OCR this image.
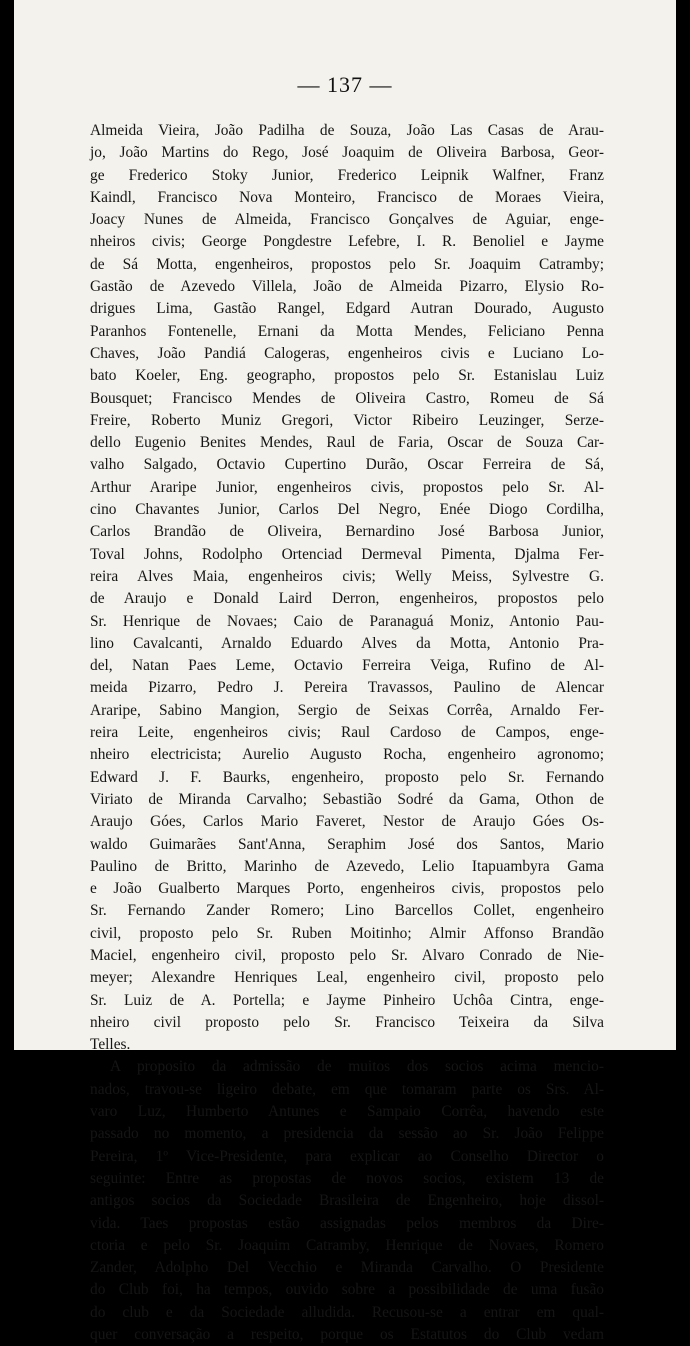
— 137 —

Almeida Vieira, João Padilha de Souza, João Las Casas de Arau-
jo, João Martins do Rego, José Joaquim de Oliveira Barbosa, Geor-
ge Frederico Stoky Junior, Frederico Leipnik Walfner, Franz
Kaindl, Francisco Nova Monteiro, Francisco de Moraes Vieira,
Joacy Nunes de Almeida, Francisco Gonçalves de Aguiar, enge-
nheiros civis; George Pongdestre Lefebre, I. R. Benoliel e Jayme
de Sá Motta, engenheiros, propostos pelo Sr. Joaquim Catramby;
Gastão de Azevedo Villela, João de Almeida Pizarro, Elysio Ro-
drigues Lima, Gastão Rangel, Edgard Autran Dourado, Augusto
Paranhos Fontenelle, Ernani da Motta Mendes, Feliciano Penna
Chaves, João Pandiá Calogeras, engenheiros civis e Luciano Lo-
bato Koeler, Eng. geographo, propostos pelo Sr. Estanislau Luiz
Bousquet; Francisco Mendes de Oliveira Castro, Romeu de Sá
Freire, Roberto Muniz Gregori, Victor Ribeiro Leuzinger, Serze-
dello Eugenio Benites Mendes, Raul de Faria, Oscar de Souza Car-
valho Salgado, Octavio Cupertino Durão, Oscar Ferreira de Sá,
Arthur Araripe Junior, engenheiros civis, propostos pelo Sr. Al-
cino Chavantes Junior, Carlos Del Negro, Enée Diogo Cordilha,
Carlos Brandão de Oliveira, Bernardino José Barbosa Junior,
Toval Johns, Rodolpho Ortenciad Dermeval Pimenta, Djalma Fer-
reira Alves Maia, engenheiros civis; Welly Meiss, Sylvestre G.
de Araujo e Donald Laird Derron, engenheiros, propostos pelo
Sr. Henrique de Novaes; Caio de Paranaguá Moniz, Antonio Pau-
lino Cavalcanti, Arnaldo Eduardo Alves da Motta, Antonio Pra-
del, Natan Paes Leme, Octavio Ferreira Veiga, Rufino de Al-
meida Pizarro, Pedro J. Pereira Travassos, Paulino de Alencar
Araripe, Sabino Mangion, Sergio de Seixas Corrêa, Arnaldo Fer-
reira Leite, engenheiros civis; Raul Cardoso de Campos, enge-
nheiro electricista; Aurelio Augusto Rocha, engenheiro agronomo;
Edward J. F. Baurks, engenheiro, proposto pelo Sr. Fernando
Viriato de Miranda Carvalho; Sebastião Sodré da Gama, Othon de
Araujo Góes, Carlos Mario Faveret, Nestor de Araujo Góes Os-
waldo Guimarães Sant'Anna, Seraphim José dos Santos, Mario
Paulino de Britto, Marinho de Azevedo, Lelio Itapuambyra Gama
e João Gualberto Marques Porto, engenheiros civis, propostos pelo
Sr. Fernando Zander Romero; Lino Barcellos Collet, engenheiro
civil, proposto pelo Sr. Ruben Moitinho; Almir Affonso Brandão
Maciel, engenheiro civil, proposto pelo Sr. Alvaro Conrado de Nie-
meyer; Alexandre Henriques Leal, engenheiro civil, proposto pelo
Sr. Luiz de A. Portella; e Jayme Pinheiro Uchôa Cintra, enge-
nheiro civil proposto pelo Sr. Francisco Teixeira da Silva
Telles.

A proposito da admissão de muitos dos socios acima mencio-
nados, travou-se ligeiro debate, em que tomaram parte os Srs. Al-
varo Luz, Humberto Antunes e Sampaio Corrêa, havendo este
passado no momento, a presidencia da sessão ao Sr. João Felippe
Pereira, 1º Vice-Presidente, para explicar ao Conselho Director o
seguinte: Entre as propostas de novos socios, existem 13 de
antigos socios da Sociedade Brasileira de Engenheiro, hoje dissol-
vida. Taes propostas estão assignadas pelos membros da Dire-
ctoria e pelo Sr. Joaquim Catramby, Henrique de Novaes, Romero
Zander, Adolpho Del Vecchio e Miranda Carvalho. O Presidente
do Club foi, ha tempos, ouvido sobre a possibilidade de uma fusão
do club e da Sociedade alludida. Recusou-se a entrar em qual-
quer conversação a respeito, porque os Estatutos do Club vedam
